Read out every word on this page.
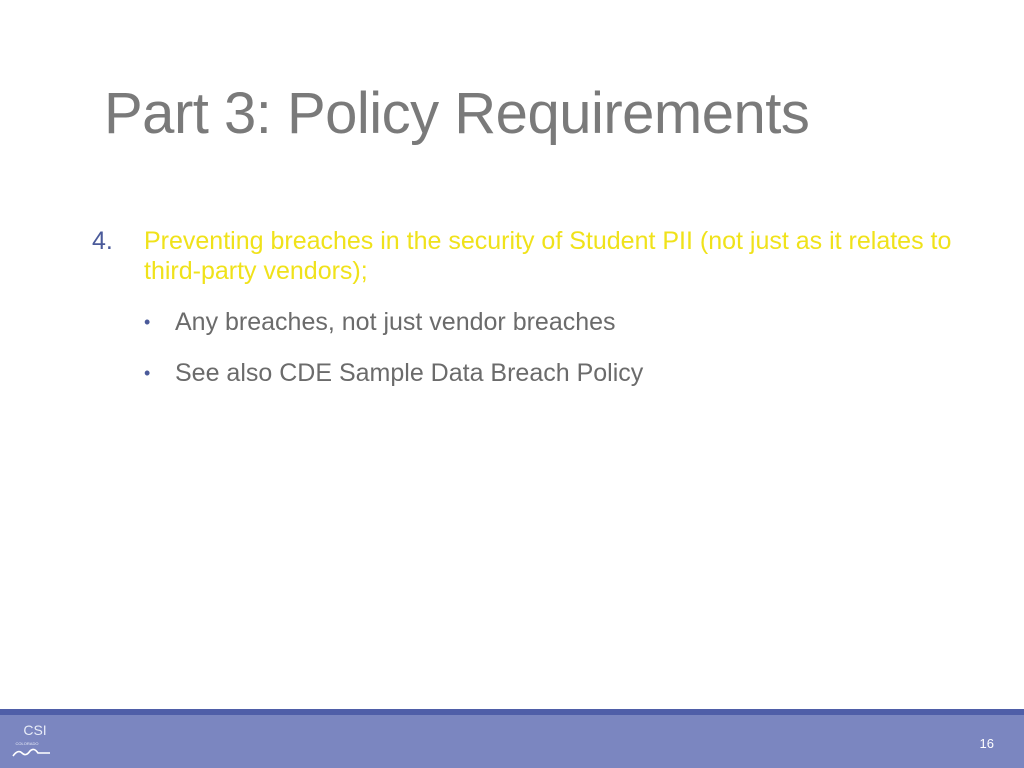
Part 3: Policy Requirements
4.	Preventing breaches in the security of Student PII (not just as it relates to third-party vendors);
• Any breaches, not just vendor breaches
• See also CDE Sample Data Breach Policy
CSI
COLORADO	16
